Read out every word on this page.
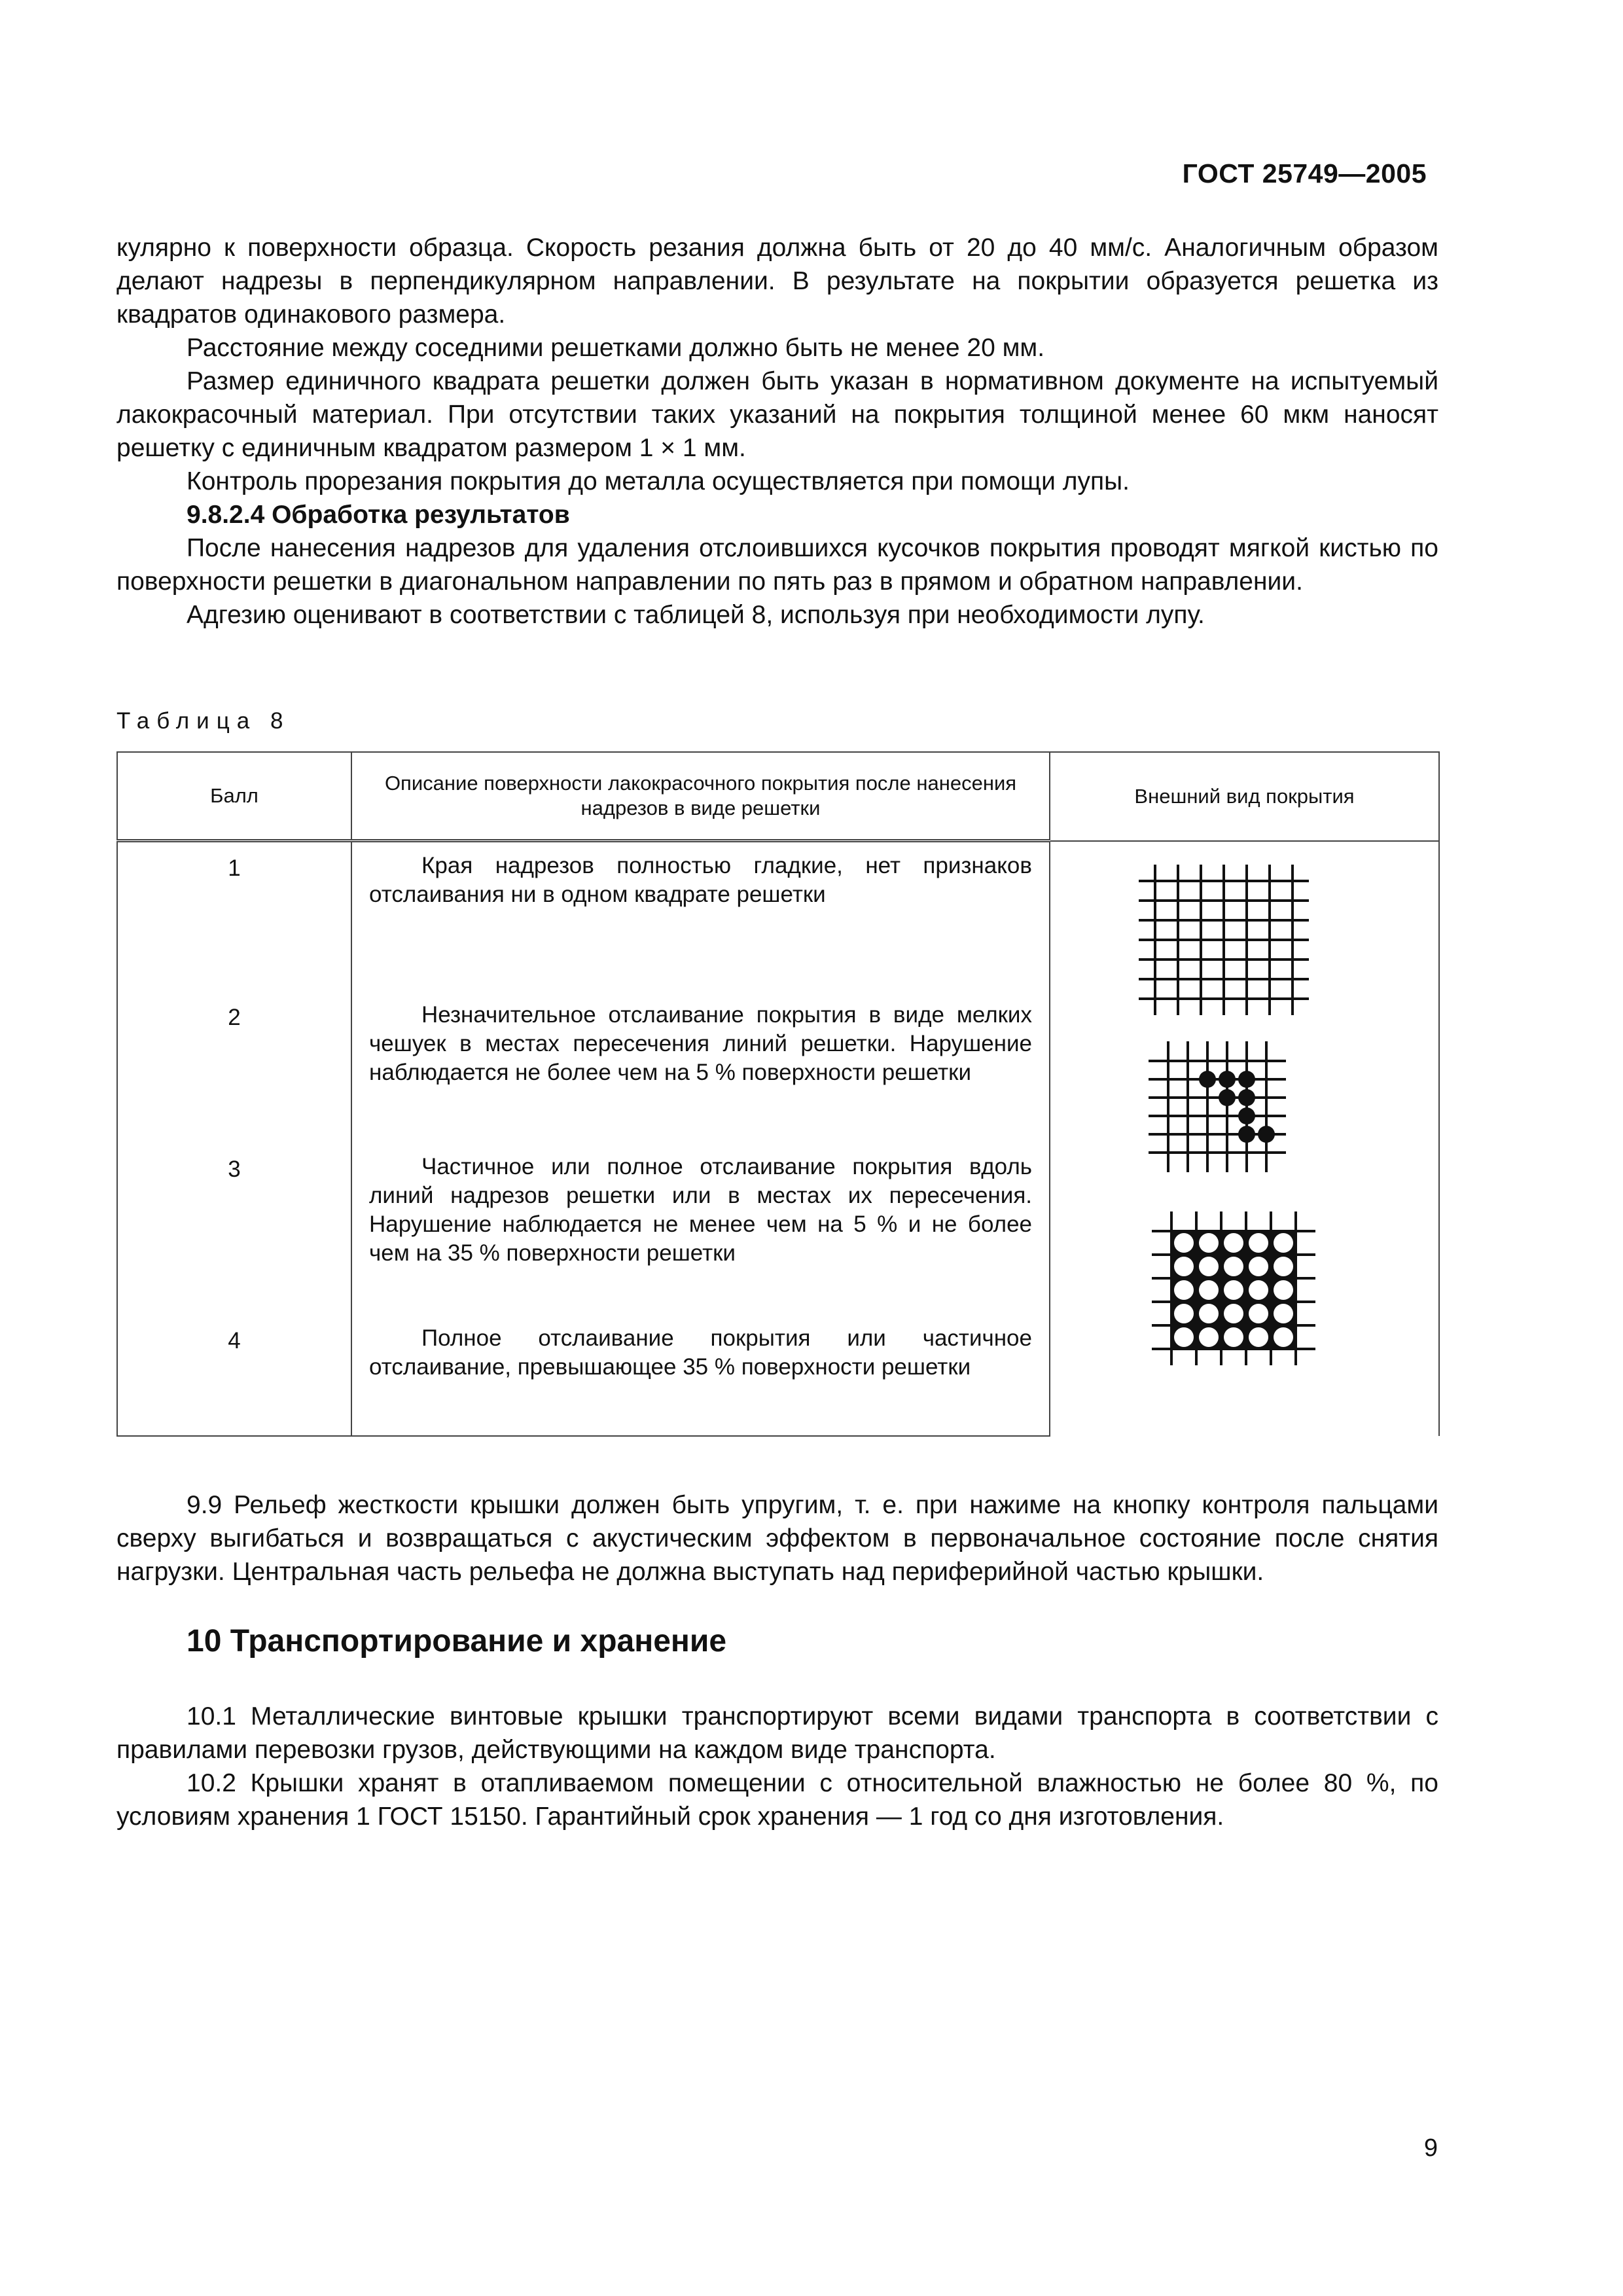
ГОСТ 25749—2005

кулярно к поверхности образца. Скорость резания должна быть от 20 до 40 мм/с. Аналогичным образом делают надрезы в перпендикулярном направлении. В результате на покрытии образуется решетка из квадратов одинакового размера.

Расстояние между соседними решетками должно быть не менее 20 мм.

Размер единичного квадрата решетки должен быть указан в нормативном документе на испытуемый лакокрасочный материал. При отсутствии таких указаний на покрытия толщиной менее 60 мкм наносят решетку с единичным квадратом размером 1 × 1 мм.

Контроль прорезания покрытия до металла осуществляется при помощи лупы.

9.8.2.4 Обработка результатов

После нанесения надрезов для удаления отслоившихся кусочков покрытия проводят мягкой кистью по поверхности решетки в диагональном направлении по пять раз в прямом и обратном направлении.

Адгезию оценивают в соответствии с таблицей 8, используя при необходимости лупу.

Таблица 8
Балл	Описание поверхности лакокрасочного покрытия после нанесения надрезов в виде решетки	Внешний вид покрытия

1	Края надрезов полностью гладкие, нет признаков отслаивания ни в одном квадрате решетки

2	Незначительное отслаивание покрытия в виде мелких чешуек в местах пересечения линий решетки. Нарушение наблюдается не более чем на 5 % поверхности решетки	

3	Частичное или полное отслаивание покрытия вдоль линий надрезов решетки или в местах их пересечения. Нарушение наблюдается не менее чем на 5 % и не более чем на 35 % поверхности решетки	

4	Полное отслаивание покрытия или частичное отслаивание, превышающее 35 % поверхности решетки	

9.9 Рельеф жесткости крышки должен быть упругим, т. е. при нажиме на кнопку контроля пальцами сверху выгибаться и возвращаться с акустическим эффектом в первоначальное состояние после снятия нагрузки. Центральная часть рельефа не должна выступать над периферийной частью крышки.

10 Транспортирование и хранение

10.1 Металлические винтовые крышки транспортируют всеми видами транспорта в соответствии с правилами перевозки грузов, действующими на каждом виде транспорта.

10.2 Крышки хранят в отапливаемом помещении с относительной влажностью не более 80 %, по условиям хранения 1 ГОСТ 15150. Гарантийный срок хранения — 1 год со дня изготовления.

9
